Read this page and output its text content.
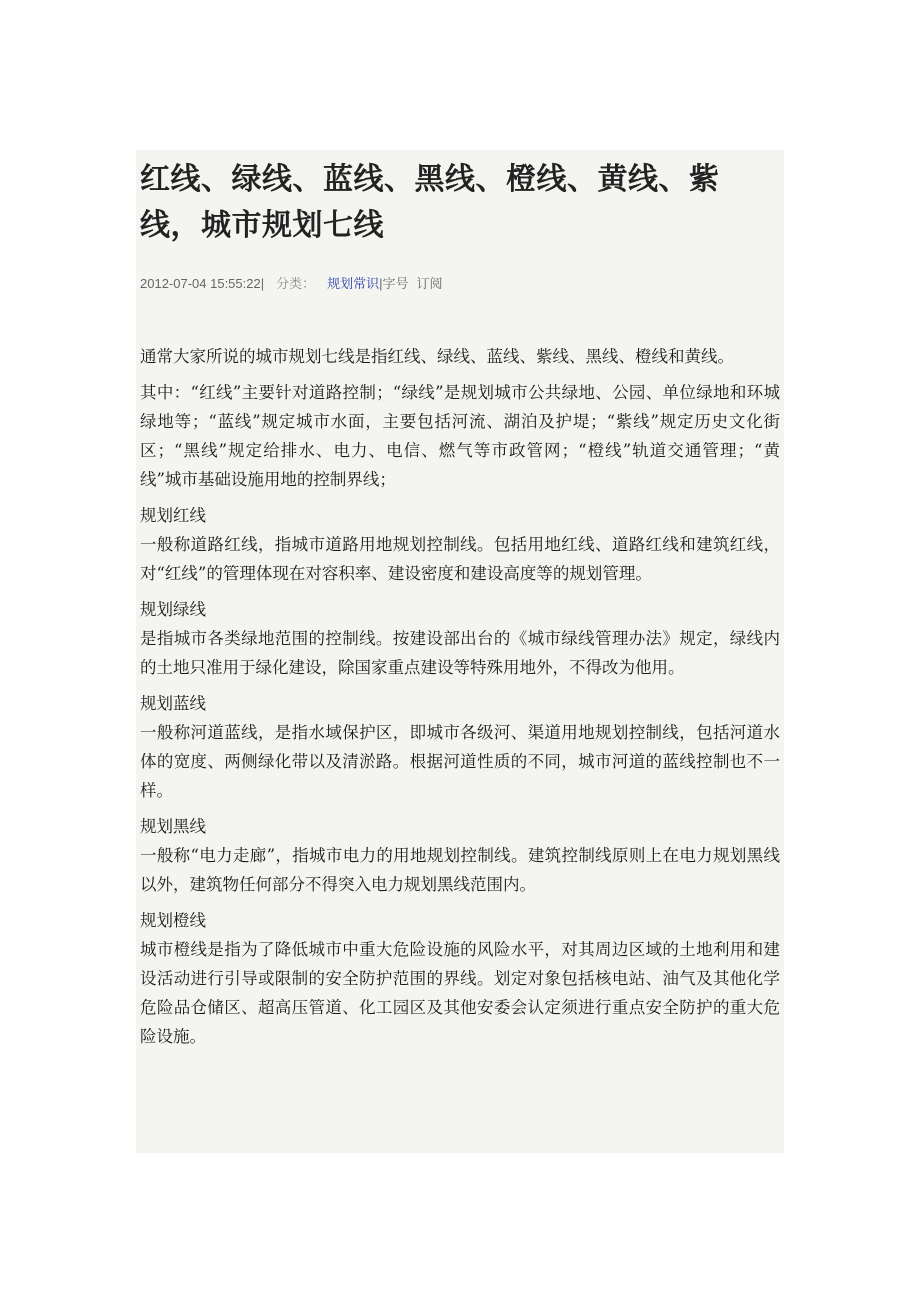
红线、绿线、蓝线、黑线、橙线、黄线、紫线，城市规划七线
2012-07-04 15:55:22| 分类： 规划常识|字号 订阅

通常大家所说的城市规划七线是指红线、绿线、蓝线、紫线、黑线、橙线和黄线。

其中：“红线”主要针对道路控制；“绿线”是规划城市公共绿地、公园、单位绿地和环城绿地等；“蓝线”规定城市水面，主要包括河流、湖泊及护堤；“紫线”规定历史文化街区；“黑线”规定给排水、电力、电信、燃气等市政管网；“橙线”轨道交通管理；“黄线”城市基础设施用地的控制界线；

规划红线
一般称道路红线，指城市道路用地规划控制线。包括用地红线、道路红线和建筑红线，对“红线”的管理体现在对容积率、建设密度和建设高度等的规划管理。

规划绿线
是指城市各类绿地范围的控制线。按建设部出台的《城市绿线管理办法》规定，绿线内的土地只准用于绿化建设，除国家重点建设等特殊用地外，不得改为他用。

规划蓝线
一般称河道蓝线，是指水域保护区，即城市各级河、渠道用地规划控制线，包括河道水体的宽度、两侧绿化带以及清淤路。根据河道性质的不同，城市河道的蓝线控制也不一样。

规划黑线
一般称“电力走廊”，指城市电力的用地规划控制线。建筑控制线原则上在电力规划黑线以外，建筑物任何部分不得突入电力规划黑线范围内。

规划橙线
城市橙线是指为了降低城市中重大危险设施的风险水平，对其周边区域的土地利用和建设活动进行引导或限制的安全防护范围的界线。划定对象包括核电站、油气及其他化学危险品仓储区、超高压管道、化工园区及其他安委会认定须进行重点安全防护的重大危险设施。
